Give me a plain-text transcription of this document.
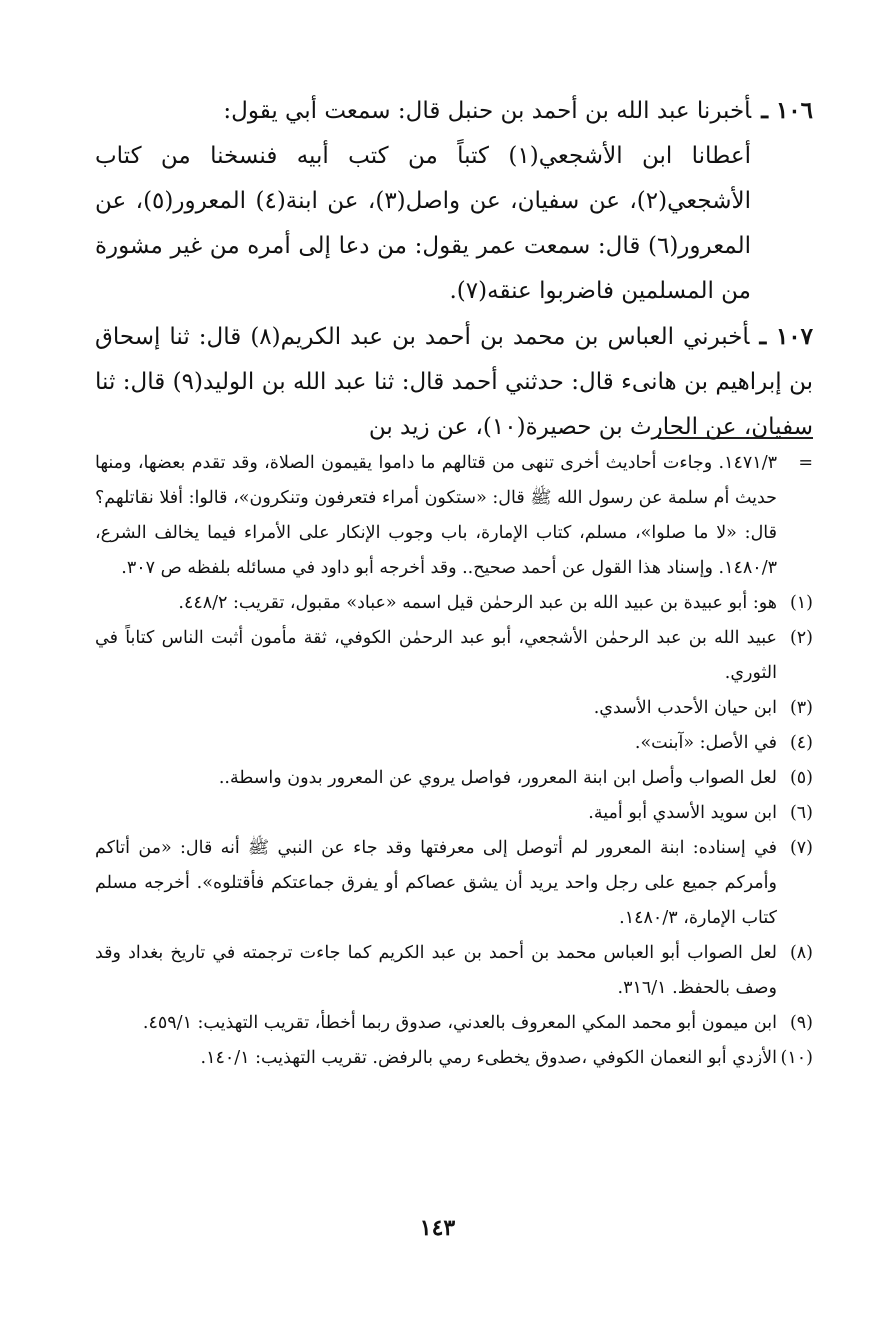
١٠٦ ـأخبرنا عبد الله بن أحمد بن حنبل قال: سمعت أبي يقول:

أعطانا ابن الأشجعي(١) كتباً من كتب أبيه فنسخنا من كتاب الأشجعي(٢)، عن سفيان، عن واصل(٣)، عن ابنة(٤) المعرور(٥)، عن المعرور(٦) قال: سمعت عمر يقول: من دعا إلى أمره من غير مشورة من المسلمين فاضربوا عنقه(٧).

١٠٧ ـأخبرني العباس بن محمد بن أحمد بن عبد الكريم(٨) قال: ثنا إسحاق بن إبراهيم بن هانىء قال: حدثني أحمد قال: ثنا عبد الله بن الوليد(٩) قال: ثنا سفيان، عن الحارث بن حصيرة(١٠)، عن زيد بن

=
١٤٧١/٣. وجاءت أحاديث أخرى تنهى من قتالهم ما داموا يقيمون الصلاة، وقد تقدم بعضها، ومنها حديث أم سلمة عن رسول الله ﷺ قال: «ستكون أمراء فتعرفون وتنكرون»، قالوا: أفلا نقاتلهم؟ قال: «لا ما صلوا»، مسلم، كتاب الإمارة، باب وجوب الإنكار على الأمراء فيما يخالف الشرع، ١٤٨٠/٣. وإسناد هذا القول عن أحمد صحيح.. وقد أخرجه أبو داود في مسائله بلفظه ص ٣٠٧.
(١)
هو: أبو عبيدة بن عبيد الله بن عبد الرحمٰن قيل اسمه «عباد» مقبول، تقريب: ٤٤٨/٢.
(٢)
عبيد الله بن عبد الرحمٰن الأشجعي، أبو عبد الرحمٰن الكوفي، ثقة مأمون أثبت الناس كتاباً في الثوري.
(٣)
ابن حيان الأحدب الأسدي.
(٤)
في الأصل: «آبنت».
(٥)
لعل الصواب وأصل ابن ابنة المعرور، فواصل يروي عن المعرور بدون واسطة..
(٦)
ابن سويد الأسدي أبو أمية.
(٧)
في إسناده: ابنة المعرور لم أتوصل إلى معرفتها وقد جاء عن النبي ﷺ أنه قال: «من أتاكم وأمركم جميع على رجل واحد يريد أن يشق عصاكم أو يفرق جماعتكم فأقتلوه». أخرجه مسلم كتاب الإمارة، ١٤٨٠/٣.
(٨)
لعل الصواب أبو العباس محمد بن أحمد بن عبد الكريم كما جاءت ترجمته في تاريخ بغداد وقد وصف بالحفظ. ٣١٦/١.
(٩)
ابن ميمون أبو محمد المكي المعروف بالعدني، صدوق ربما أخطأ، تقريب التهذيب: ٤٥٩/١.
(١٠)
الأزدي أبو النعمان الكوفي ،صدوق يخطىء رمي بالرفض. تقريب التهذيب: ١٤٠/١.
١٤٣
